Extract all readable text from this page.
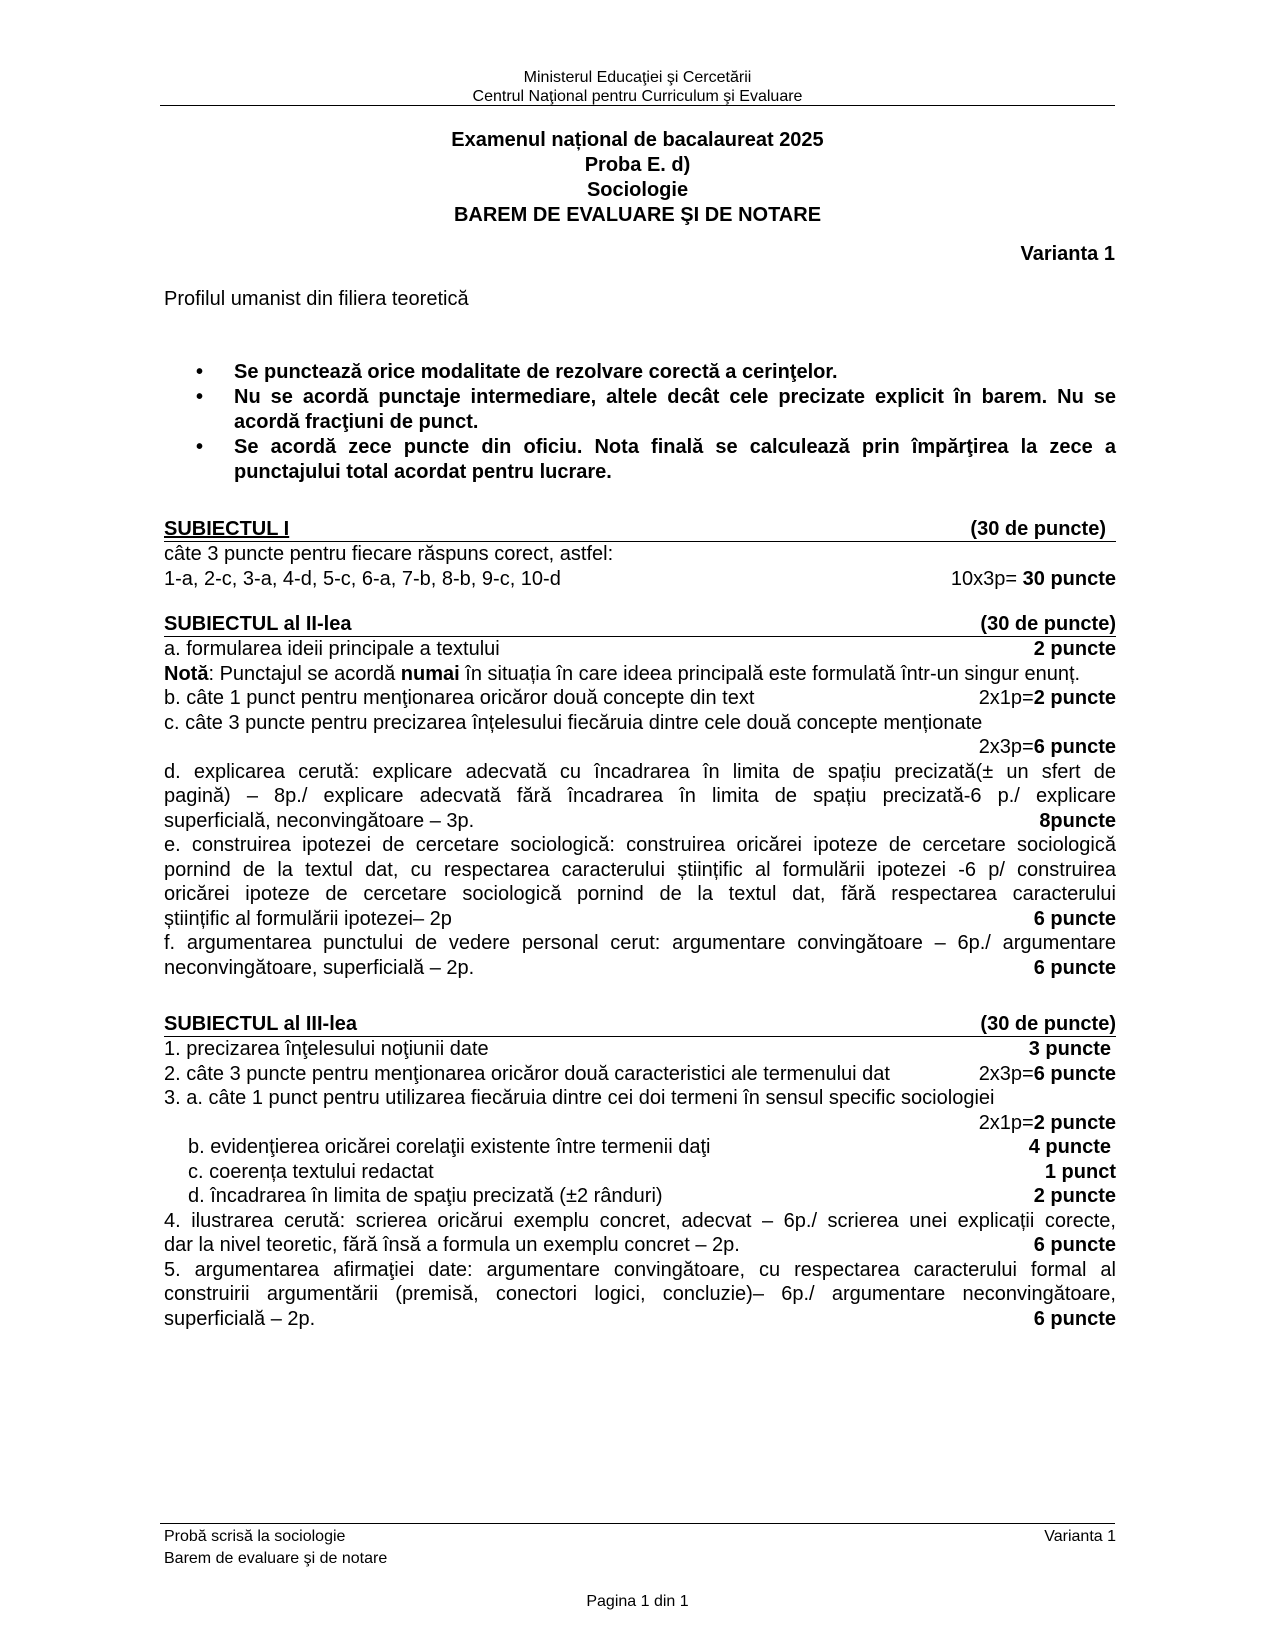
Ministerul Educaţiei şi Cercetării
Centrul Naţional pentru Curriculum şi Evaluare
Examenul național de bacalaureat 2025
Proba E. d)
Sociologie
BAREM DE EVALUARE ŞI DE NOTARE
Varianta 1
Profilul umanist din filiera teoretică
• Se punctează orice modalitate de rezolvare corectă a cerinţelor.
• Nu se acordă punctaje intermediare, altele decât cele precizate explicit în barem. Nu se acordă fracţiuni de punct.
• Se acordă zece puncte din oficiu. Nota finală se calculează prin împărţirea la zece a punctajului total acordat pentru lucrare.
SUBIECTUL I	(30 de puncte)
câte 3 puncte pentru fiecare răspuns corect, astfel:
1-a, 2-c, 3-a, 4-d, 5-c, 6-a, 7-b, 8-b, 9-c, 10-d	10x3p= 30 puncte
SUBIECTUL al II-lea	(30 de puncte)
a. formularea ideii principale a textului	2 puncte
Notă: Punctajul se acordă numai în situația în care ideea principală este formulată într-un singur enunț.
b. câte 1 punct pentru menţionarea oricăror două concepte din text	2x1p=2 puncte
c. câte 3 puncte pentru precizarea înțelesului fiecăruia dintre cele două concepte menționate
2x3p=6 puncte
d. explicarea cerută: explicare adecvată cu încadrarea în limita de spațiu precizată(± un sfert de
pagină) – 8p./ explicare adecvată fără încadrarea în limita de spațiu precizată-6 p./ explicare
superficială, neconvingătoare – 3p.	8puncte
e. construirea ipotezei de cercetare sociologică: construirea oricărei ipoteze de cercetare sociologică
pornind de la textul dat, cu respectarea caracterului științific al formulării ipotezei -6 p/ construirea
oricărei ipoteze de cercetare sociologică pornind de la textul dat, fără respectarea caracterului
științific al formulării ipotezei– 2p	6 puncte
f. argumentarea punctului de vedere personal cerut: argumentare convingătoare – 6p./ argumentare
neconvingătoare, superficială – 2p.	6 puncte
SUBIECTUL al III-lea	(30 de puncte)
1. precizarea înţelesului noţiunii date	3 puncte
2. câte 3 puncte pentru menţionarea oricăror două caracteristici ale termenului dat	2x3p=6 puncte
3. a. câte 1 punct pentru utilizarea fiecăruia dintre cei doi termeni în sensul specific sociologiei
2x1p=2 puncte
b. evidenţierea oricărei corelaţii existente între termenii daţi	4 puncte
c. coerența textului redactat	1 punct
d. încadrarea în limita de spaţiu precizată (±2 rânduri)	2 puncte
4. ilustrarea cerută: scrierea oricărui exemplu concret, adecvat – 6p./ scrierea unei explicații corecte,
dar la nivel teoretic, fără însă a formula un exemplu concret – 2p.	6 puncte
5. argumentarea afirmaţiei date: argumentare convingătoare, cu respectarea caracterului formal al
construirii argumentării (premisă, conectori logici, concluzie)– 6p./ argumentare neconvingătoare,
superficială – 2p.	6 puncte
Probă scrisă la sociologie
Barem de evaluare şi de notare
Varianta 1
Pagina 1 din 1
